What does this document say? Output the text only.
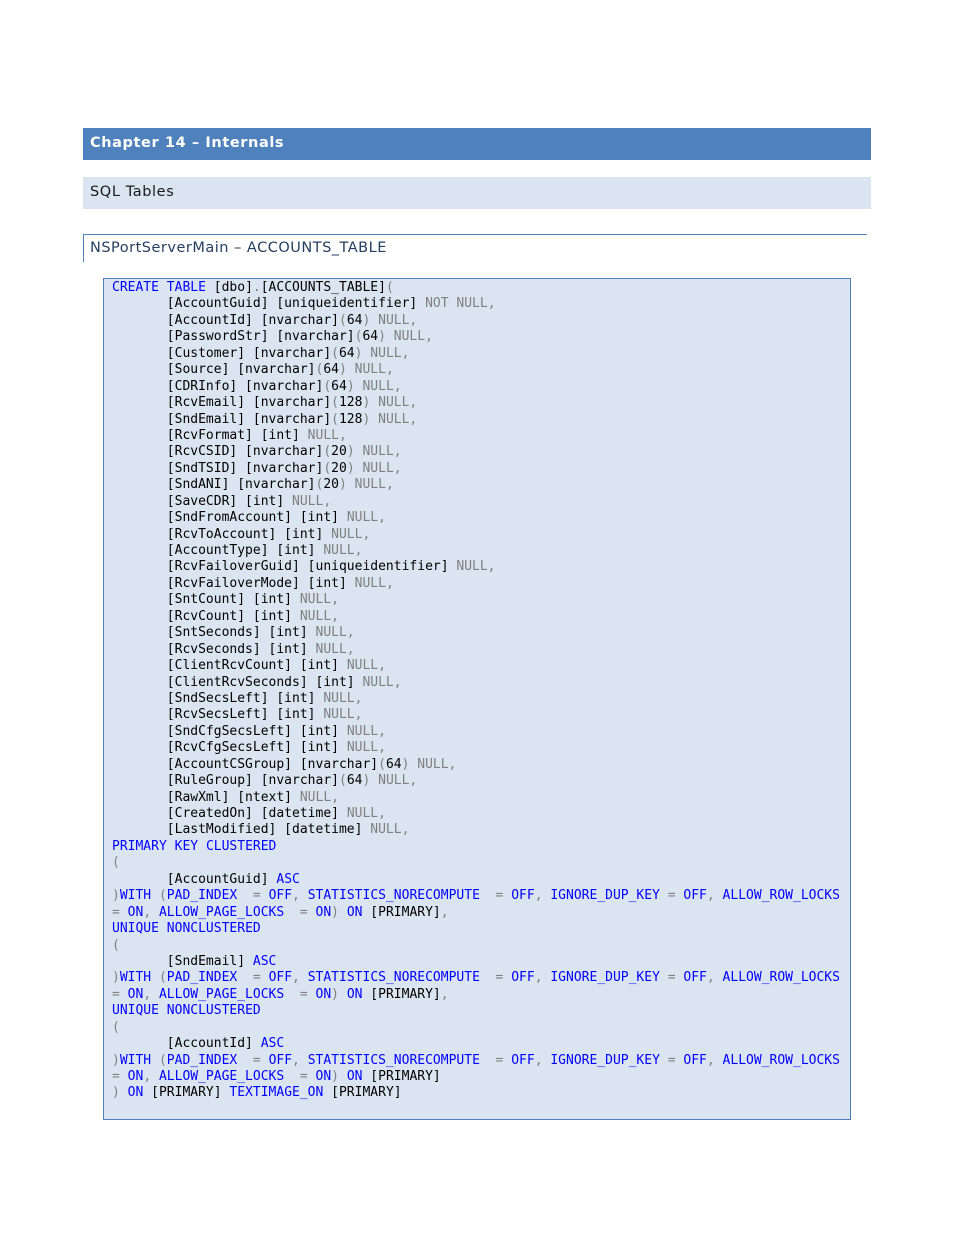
Chapter 14 – Internals
SQL Tables
NSPortServerMain – ACCOUNTS_TABLE
CREATE TABLE [dbo].[ACCOUNTS_TABLE](
[AccountGuid] [uniqueidentifier] NOT NULL,
[AccountId] [nvarchar](64) NULL,
[PasswordStr] [nvarchar](64) NULL,
[Customer] [nvarchar](64) NULL,
[Source] [nvarchar](64) NULL,
[CDRInfo] [nvarchar](64) NULL,
[RcvEmail] [nvarchar](128) NULL,
[SndEmail] [nvarchar](128) NULL,
[RcvFormat] [int] NULL,
[RcvCSID] [nvarchar](20) NULL,
[SndTSID] [nvarchar](20) NULL,
[SndANI] [nvarchar](20) NULL,
[SaveCDR] [int] NULL,
[SndFromAccount] [int] NULL,
[RcvToAccount] [int] NULL,
[AccountType] [int] NULL,
[RcvFailoverGuid] [uniqueidentifier] NULL,
[RcvFailoverMode] [int] NULL,
[SntCount] [int] NULL,
[RcvCount] [int] NULL,
[SntSeconds] [int] NULL,
[RcvSeconds] [int] NULL,
[ClientRcvCount] [int] NULL,
[ClientRcvSeconds] [int] NULL,
[SndSecsLeft] [int] NULL,
[RcvSecsLeft] [int] NULL,
[SndCfgSecsLeft] [int] NULL,
[RcvCfgSecsLeft] [int] NULL,
[AccountCSGroup] [nvarchar](64) NULL,
[RuleGroup] [nvarchar](64) NULL,
[RawXml] [ntext] NULL,
[CreatedOn] [datetime] NULL,
[LastModified] [datetime] NULL,
PRIMARY KEY CLUSTERED
(
[AccountGuid] ASC
)WITH (PAD_INDEX = OFF, STATISTICS_NORECOMPUTE = OFF, IGNORE_DUP_KEY = OFF, ALLOW_ROW_LOCKS
= ON, ALLOW_PAGE_LOCKS = ON) ON [PRIMARY],
UNIQUE NONCLUSTERED
(
[SndEmail] ASC
)WITH (PAD_INDEX = OFF, STATISTICS_NORECOMPUTE = OFF, IGNORE_DUP_KEY = OFF, ALLOW_ROW_LOCKS
= ON, ALLOW_PAGE_LOCKS = ON) ON [PRIMARY],
UNIQUE NONCLUSTERED
(
[AccountId] ASC
)WITH (PAD_INDEX = OFF, STATISTICS_NORECOMPUTE = OFF, IGNORE_DUP_KEY = OFF, ALLOW_ROW_LOCKS
= ON, ALLOW_PAGE_LOCKS = ON) ON [PRIMARY]
) ON [PRIMARY] TEXTIMAGE_ON [PRIMARY]
